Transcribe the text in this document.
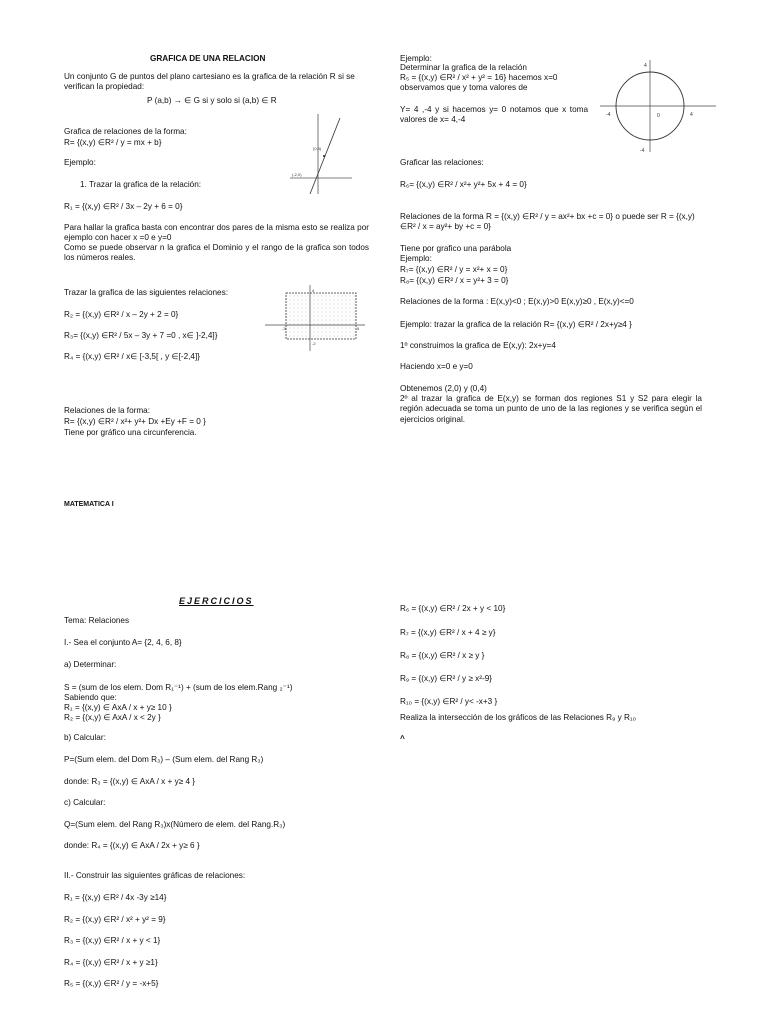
GRAFICA DE UNA RELACION

Un conjunto G de puntos del plano cartesiano es la grafica de la relación R si se verifican la propiedad:

P (a,b) → ∈ G si y solo si (a,b) ∈ R

Grafica de relaciones de la forma:

R= {(x,y) ∈R² / y = mx + b}

Ejemplo:

1. Trazar la grafica de la relación:

R₁ = {(x,y) ∈R² / 3x – 2y + 6 = 0}

Para hallar la grafica basta con encontrar dos pares de la misma esto se realiza por ejemplo con hacer x =0 e y=0

Como se puede observar n la grafica el Dominio y el rango de la grafica son todos los números reales.

Trazar la grafica de las siguientes relaciones:

R₂ = {(x,y) ∈R² / x – 2y + 2 = 0}

R₃= {(x,y) ∈R² / 5x – 3y + 7 =0 , x∈ ]-2,4]}

R₄ = {(x,y) ∈R² / x∈ [-3,5[ , y ∈[-2,4]}

Relaciones de la forma:

R= {(x,y) ∈R² / x²+ y²+ Dx +Ey +F = 0 }

Tiene por gráfico una circunferencia.

MATEMATICA I

(0,3)
(-2,0)
4
-3	5
-2

Ejemplo:

Determinar la grafica de la relación

R₅ = {(x,y) ∈R² / x² + y² = 16} hacemos x=0

observamos que y toma valores de

Y= 4 ,-4 y si hacemos y= 0 notamos que x toma valores de x= 4,-4

4
-4	0	4
-4

Graficar las relaciones:

R₆= {(x,y) ∈R² / x²+ y²+ 5x + 4 = 0}

Relaciones de la forma R = {(x,y) ∈R² / y = ax²+ bx +c = 0} o puede ser R = {(x,y) ∈R² / x = ay²+ by +c = 0}

Tiene por grafico una parábola

Ejemplo:

R₇= {(x,y) ∈R² / y = x²+ x = 0}

R₈= {(x,y) ∈R² / x = y²+ 3 = 0}

Relaciones de la forma : E(x,y)<0 ; E(x,y)>0 E(x,y)≥0 , E(x,y)<=0

Ejemplo: trazar la grafica de la relación R= {(x,y) ∈R² / 2x+y≥4 }

1º construimos la grafica de E(x,y): 2x+y=4

Haciendo x=0 e y=0

Obtenemos (2,0) y (0,4)

2º al trazar la grafica de E(x,y) se forman dos regiones S1 y S2 para elegir la región adecuada se toma un punto de uno de la las regiones y se verifica según el ejercicios original.

EJERCICIOS

Tema: Relaciones

I.- Sea el conjunto A= {2, 4, 6, 8}

a) Determinar:

S = (sum de los elem. Dom R₁⁻¹) + (sum de los elem.Rang ₂⁻¹)

Sabiendo que:

R₁ = {(x,y) ∈ AxA / x + y≥ 10 }

R₂ = {(x,y) ∈ AxA / x < 2y }

b) Calcular:

P=(Sum elem. del Dom R₃) – (Sum elem. del Rang R₃)

donde: R₃ = {(x,y) ∈ AxA / x + y≥ 4 }

c) Calcular:

Q=(Sum elem. del Rang R₃)x(Número de elem. del Rang.R₃)

donde: R₄ = {(x,y) ∈ AxA / 2x + y≥ 6 }

II.- Construir las siguientes gráficas de relaciones:

R₁ = {(x,y) ∈R² / 4x -3y ≥14}

R₂ = {(x,y) ∈R² / x² + y² = 9}

R₃ = {(x,y) ∈R² / x + y < 1}

R₄ = {(x,y) ∈R² / x + y ≥1}

R₅ = {(x,y) ∈R² / y = -x+5}

R₆ = {(x,y) ∈R² / 2x + y < 10}

R₇ = {(x,y) ∈R² / x + 4 ≥ y}

R₈ = {(x,y) ∈R² / x ≥ y }

R₉ = {(x,y) ∈R² / y ≥ x²-9}

R₁₀ = {(x,y) ∈R² / y< -x+3 }

Realiza la intersección de los gráficos de las Relaciones R₉ y R₁₀

^
